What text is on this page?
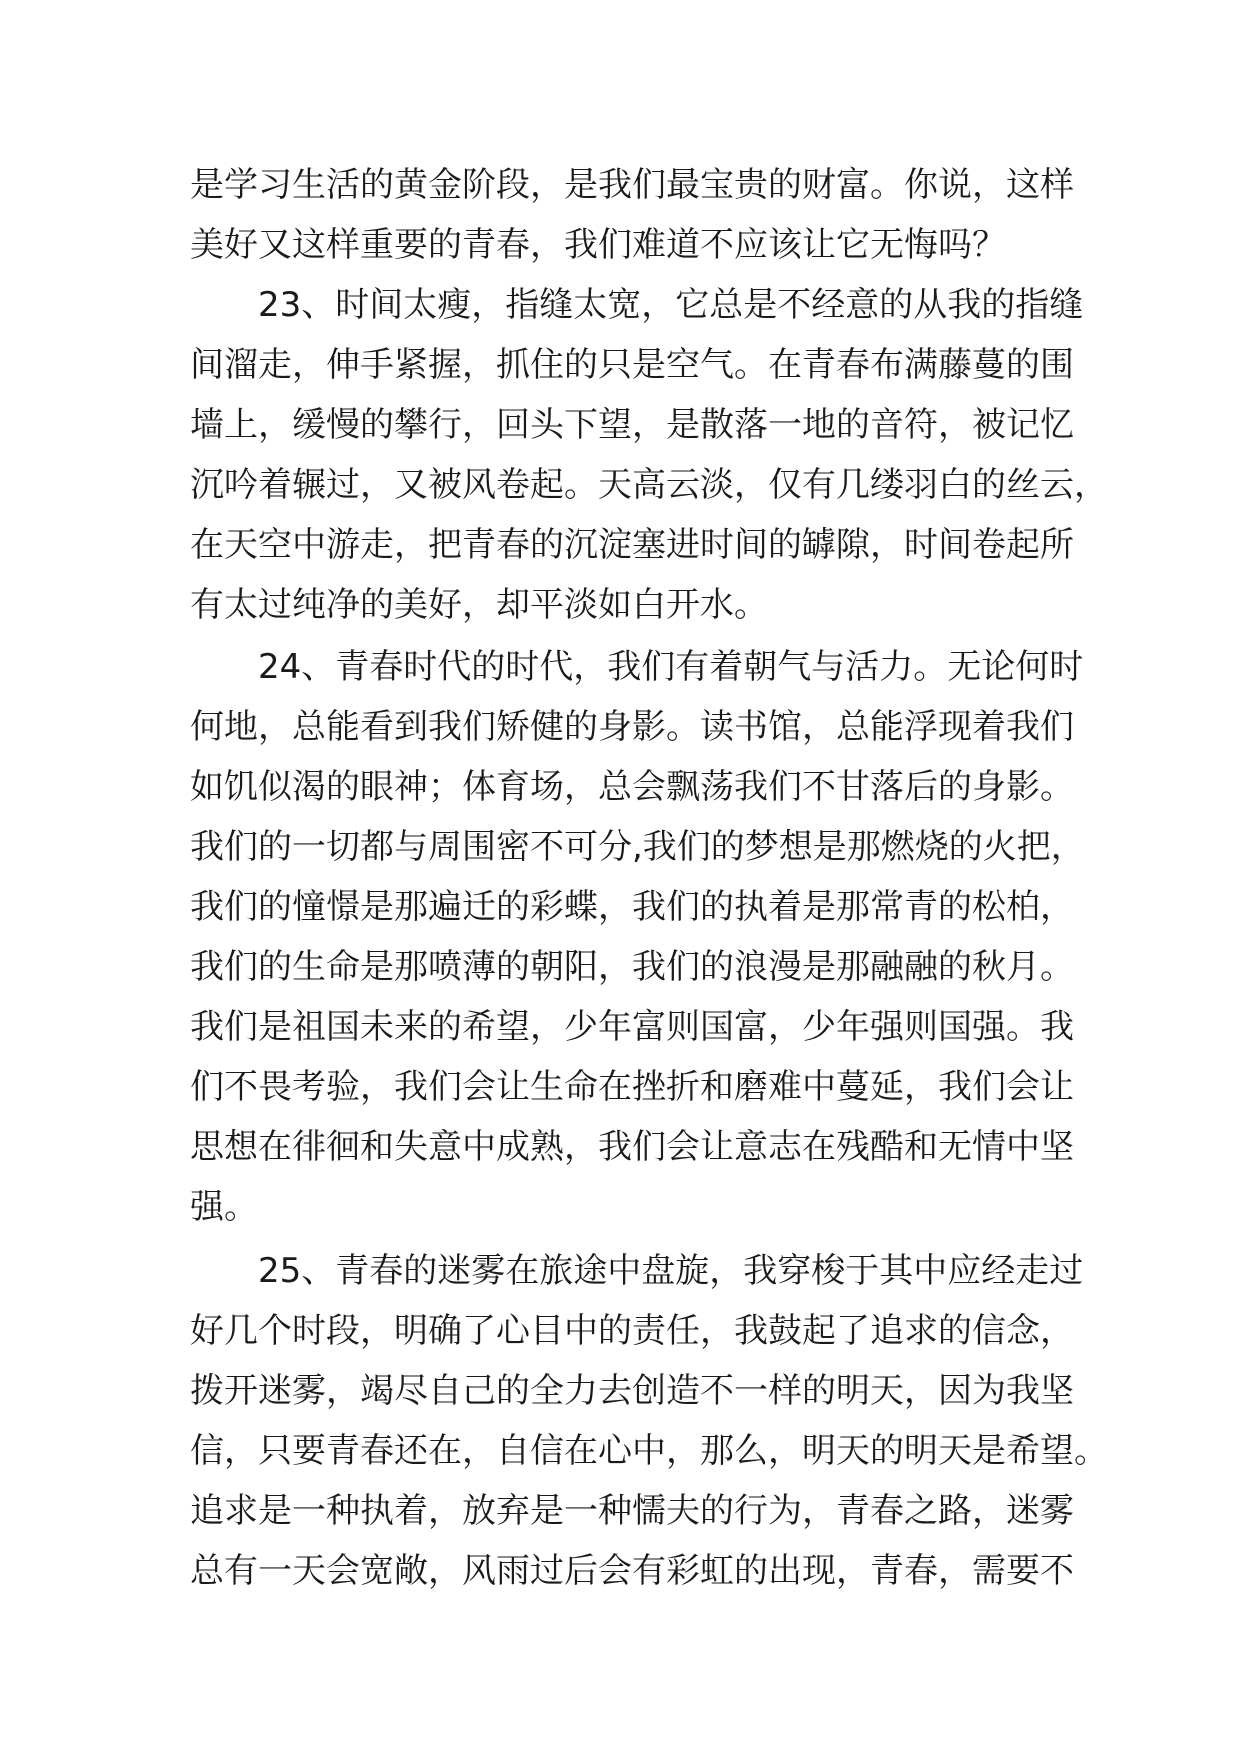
是学习生活的黄金阶段，是我们最宝贵的财富。你说，这样
美好又这样重要的青春，我们难道不应该让它无悔吗？
23、时间太瘦，指缝太宽，它总是不经意的从我的指缝
间溜走，伸手紧握，抓住的只是空气。在青春布满藤蔓的围
墙上，缓慢的攀行，回头下望，是散落一地的音符，被记忆
沉吟着辗过，又被风卷起。天高云淡，仅有几缕羽白的丝云，
在天空中游走，把青春的沉淀塞进时间的罅隙，时间卷起所
有太过纯净的美好，却平淡如白开水。
24、青春时代的时代，我们有着朝气与活力。无论何时
何地，总能看到我们矫健的身影。读书馆，总能浮现着我们
如饥似渴的眼神；体育场，总会飘荡我们不甘落后的身影。
我们的一切都与周围密不可分,我们的梦想是那燃烧的火把，
我们的憧憬是那遍迁的彩蝶，我们的执着是那常青的松柏，
我们的生命是那喷薄的朝阳，我们的浪漫是那融融的秋月。
我们是祖国未来的希望，少年富则国富，少年强则国强。我
们不畏考验，我们会让生命在挫折和磨难中蔓延，我们会让
思想在徘徊和失意中成熟，我们会让意志在残酷和无情中坚
强。
25、青春的迷雾在旅途中盘旋，我穿梭于其中应经走过
好几个时段，明确了心目中的责任，我鼓起了追求的信念，
拨开迷雾，竭尽自己的全力去创造不一样的明天，因为我坚
信，只要青春还在，自信在心中，那么，明天的明天是希望。
追求是一种执着，放弃是一种懦夫的行为，青春之路，迷雾
总有一天会宽敞，风雨过后会有彩虹的出现，青春，需要不
